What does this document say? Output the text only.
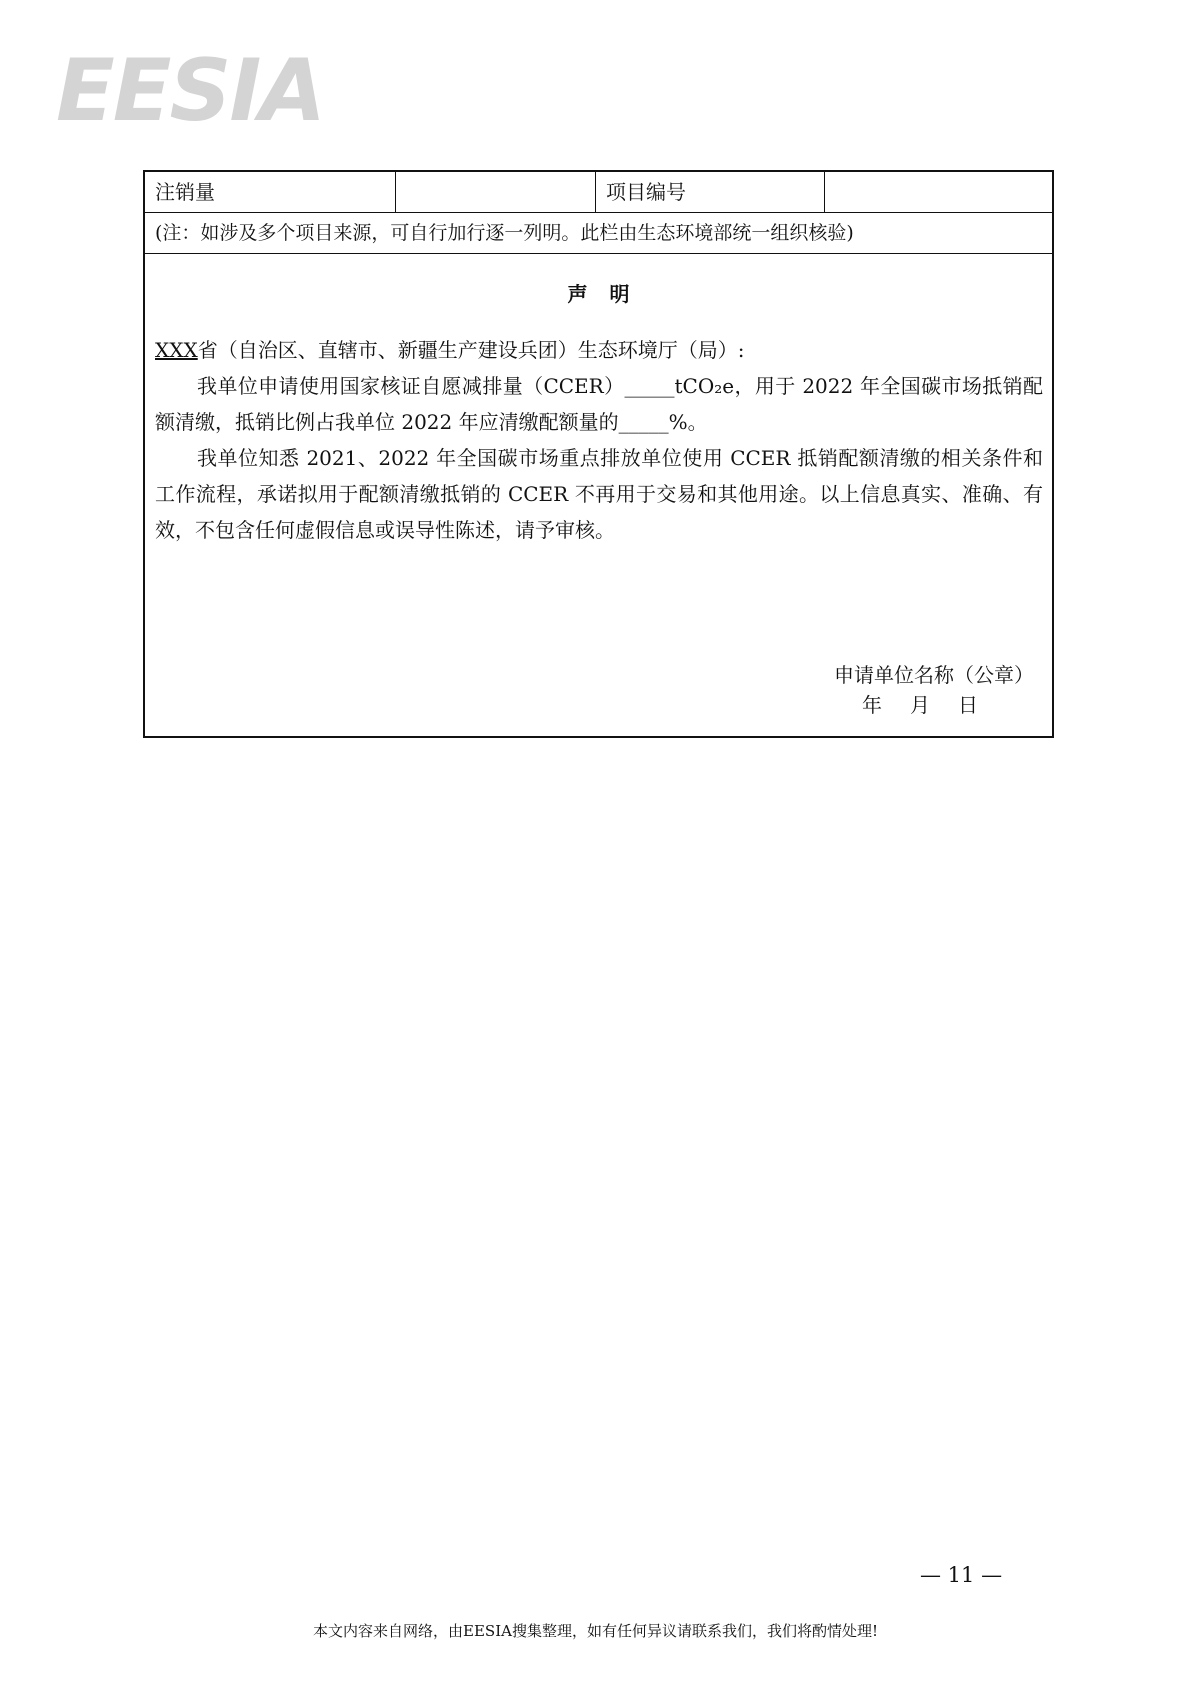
EESIA
注销量	项目编号
(注：如涉及多个项目来源，可自行加行逐一列明。此栏由生态环境部统一组织核验)
声明
XXX省（自治区、直辖市、新疆生产建设兵团）生态环境厅（局）:
我单位申请使用国家核证自愿减排量（CCER）_____tCO₂e，用于 2022 年全国碳市场抵销配额清缴，抵销比例占我单位 2022 年应清缴配额量的_____%。
我单位知悉 2021、2022 年全国碳市场重点排放单位使用 CCER 抵销配额清缴的相关条件和工作流程，承诺拟用于配额清缴抵销的 CCER 不再用于交易和其他用途。以上信息真实、准确、有效，不包含任何虚假信息或误导性陈述，请予审核。
申请单位名称（公章）
年月日
— 11 —
本文内容来自网络，由EESIA搜集整理，如有任何异议请联系我们，我们将酌情处理!
